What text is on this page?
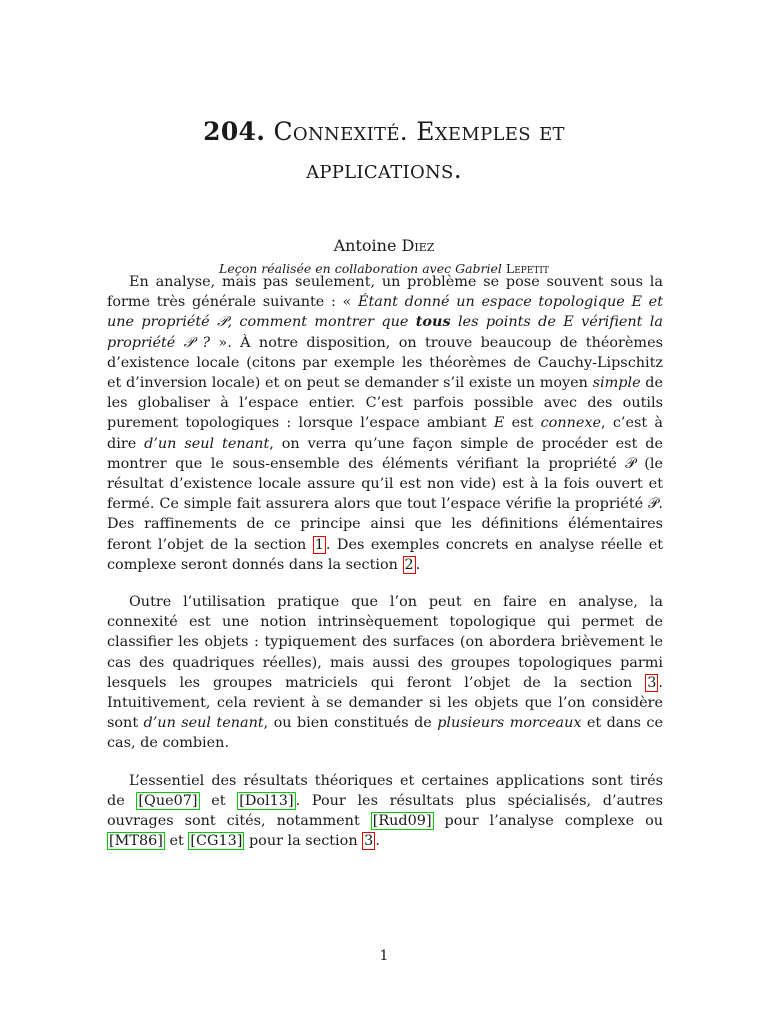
204. Connexité. Exemples et
applications.
Antoine Diez
Leçon réalisée en collaboration avec Gabriel Lepetit

En analyse, mais pas seulement, un problème se pose souvent sous la forme très générale suivante : « Étant donné un espace topologique E et une propriété 𝒫, comment montrer que tous les points de E vérifient la propriété 𝒫 ? ». À notre disposition, on trouve beaucoup de théorèmes d’existence locale (citons par exemple les théorèmes de Cauchy-Lipschitz et d’inversion locale) et on peut se demander s’il existe un moyen simple de les globaliser à l’espace entier. C’est parfois possible avec des outils purement topologiques : lorsque l’espace ambiant E est connexe, c’est à dire d’un seul tenant, on verra qu’une façon simple de procéder est de montrer que le sous-ensemble des éléments vérifiant la propriété 𝒫 (le résultat d’existence locale assure qu’il est non vide) est à la fois ouvert et fermé. Ce simple fait assurera alors que tout l’espace vérifie la propriété 𝒫. Des raffinements de ce principe ainsi que les définitions élémentaires feront l’objet de la section 1 . Des exemples concrets en analyse réelle et complexe seront donnés dans la section 2 .

Outre l’utilisation pratique que l’on peut en faire en analyse, la connexité est une notion intrinsèquement topologique qui permet de classifier les objets : typiquement des surfaces (on abordera brièvement le cas des quadriques réelles), mais aussi des groupes topologiques parmi lesquels les groupes matriciels qui feront l’objet de la section 3 . Intuitivement, cela revient à se demander si les objets que l’on considère sont d’un seul tenant, ou bien constitués de plusieurs morceaux et dans ce cas, de combien.

L’essentiel des résultats théoriques et certaines applications sont tirés de [Que07] et [Dol13] . Pour les résultats plus spécialisés, d’autres ouvrages sont cités, notamment [Rud09] pour l’analyse complexe ou [MT86] et [CG13] pour la section 3 .

1
